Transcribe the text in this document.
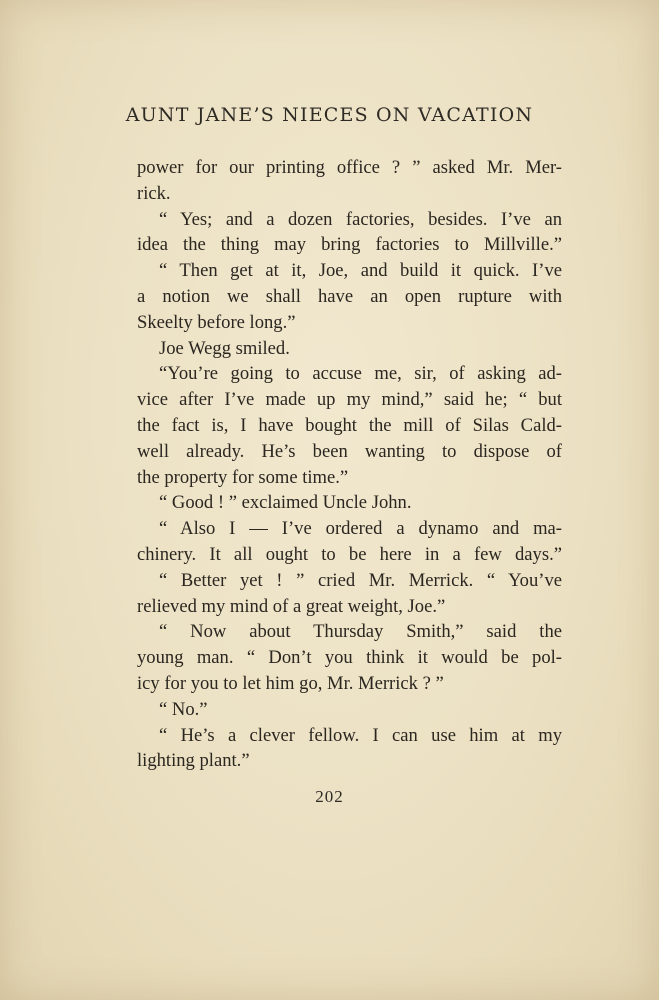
AUNT JANE’S NIECES ON VACATION
power for our printing office ? ” asked Mr. Mer-
rick.
“ Yes; and a dozen factories, besides. I’ve an
idea the thing may bring factories to Millville.”
“ Then get at it, Joe, and build it quick. I’ve
a notion we shall have an open rupture with
Skeelty before long.”
Joe Wegg smiled.
“You’re going to accuse me, sir, of asking ad-
vice after I’ve made up my mind,” said he; “ but
the fact is, I have bought the mill of Silas Cald-
well already. He’s been wanting to dispose of
the property for some time.”
“ Good ! ” exclaimed Uncle John.
“ Also I — I’ve ordered a dynamo and ma-
chinery. It all ought to be here in a few days.”
“ Better yet ! ” cried Mr. Merrick. “ You’ve
relieved my mind of a great weight, Joe.”
“ Now about Thursday Smith,” said the
young man. “ Don’t you think it would be pol-
icy for you to let him go, Mr. Merrick ? ”
“ No.”
“ He’s a clever fellow. I can use him at my
lighting plant.”
202
